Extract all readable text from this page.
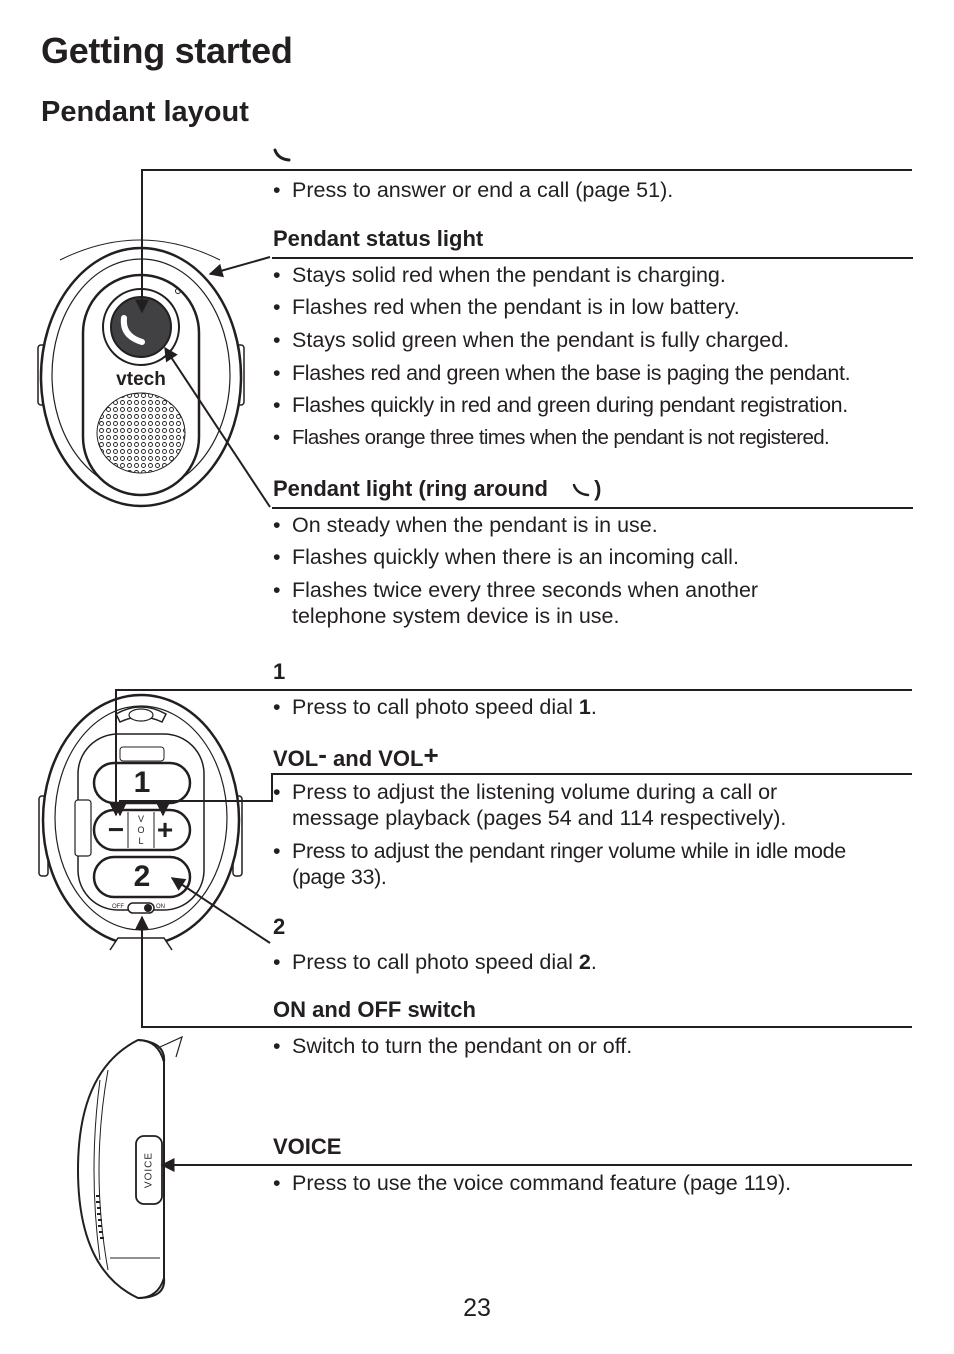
vtech
1
− +
V
O
L
2
OFF	ON
VOICE
Getting started
Pendant layout
• Press to answer or end a call (page 51).
Pendant status light
• Stays solid red when the pendant is charging.
• Flashes red when the pendant is in low battery.
• Stays solid green when the pendant is fully charged.
• Flashes red and green when the base is paging the pendant.
• Flashes quickly in red and green during pendant registration.
• Flashes orange three times when the pendant is not registered.
Pendant light (ring around )
• On steady when the pendant is in use.
• Flashes quickly when there is an incoming call.
• Flashes twice every three seconds when another telephone system device is in use.
1
• Press to call photo speed dial 1.
VOL- and VOL+
• Press to adjust the listening volume during a call or message playback (pages 54 and 114 respectively).
• Press to adjust the pendant ringer volume while in idle mode (page 33).
2
• Press to call photo speed dial 2.
ON and OFF switch
• Switch to turn the pendant on or off.
VOICE
• Press to use the voice command feature (page 119).
23
